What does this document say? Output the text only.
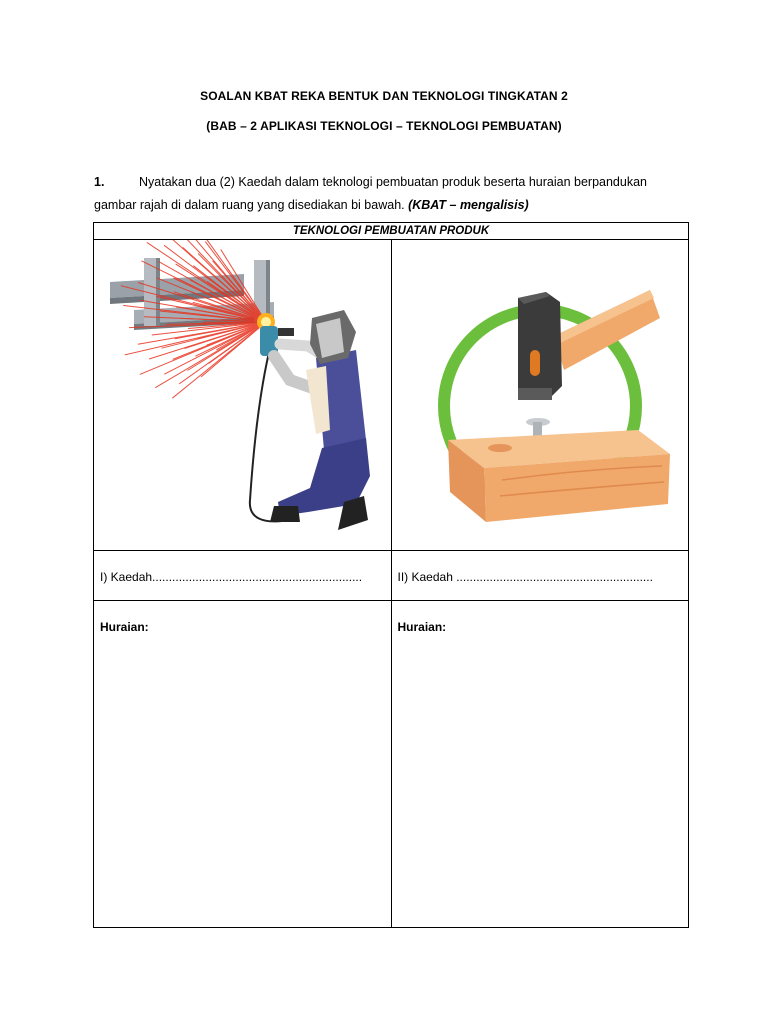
SOALAN KBAT REKA BENTUK DAN TEKNOLOGI TINGKATAN 2
(BAB – 2 APLIKASI TEKNOLOGI – TEKNOLOGI PEMBUATAN)
1.	Nyatakan dua (2) Kaedah dalam teknologi pembuatan produk beserta huraian berpandukan
gambar rajah di dalam ruang yang disediakan bi bawah. (KBAT – mengalisis)
TEKNOLOGI PEMBUATAN PRODUK	

I) Kaedah...............................................................	II) Kaedah ...........................................................

Huraian:	Huraian:
